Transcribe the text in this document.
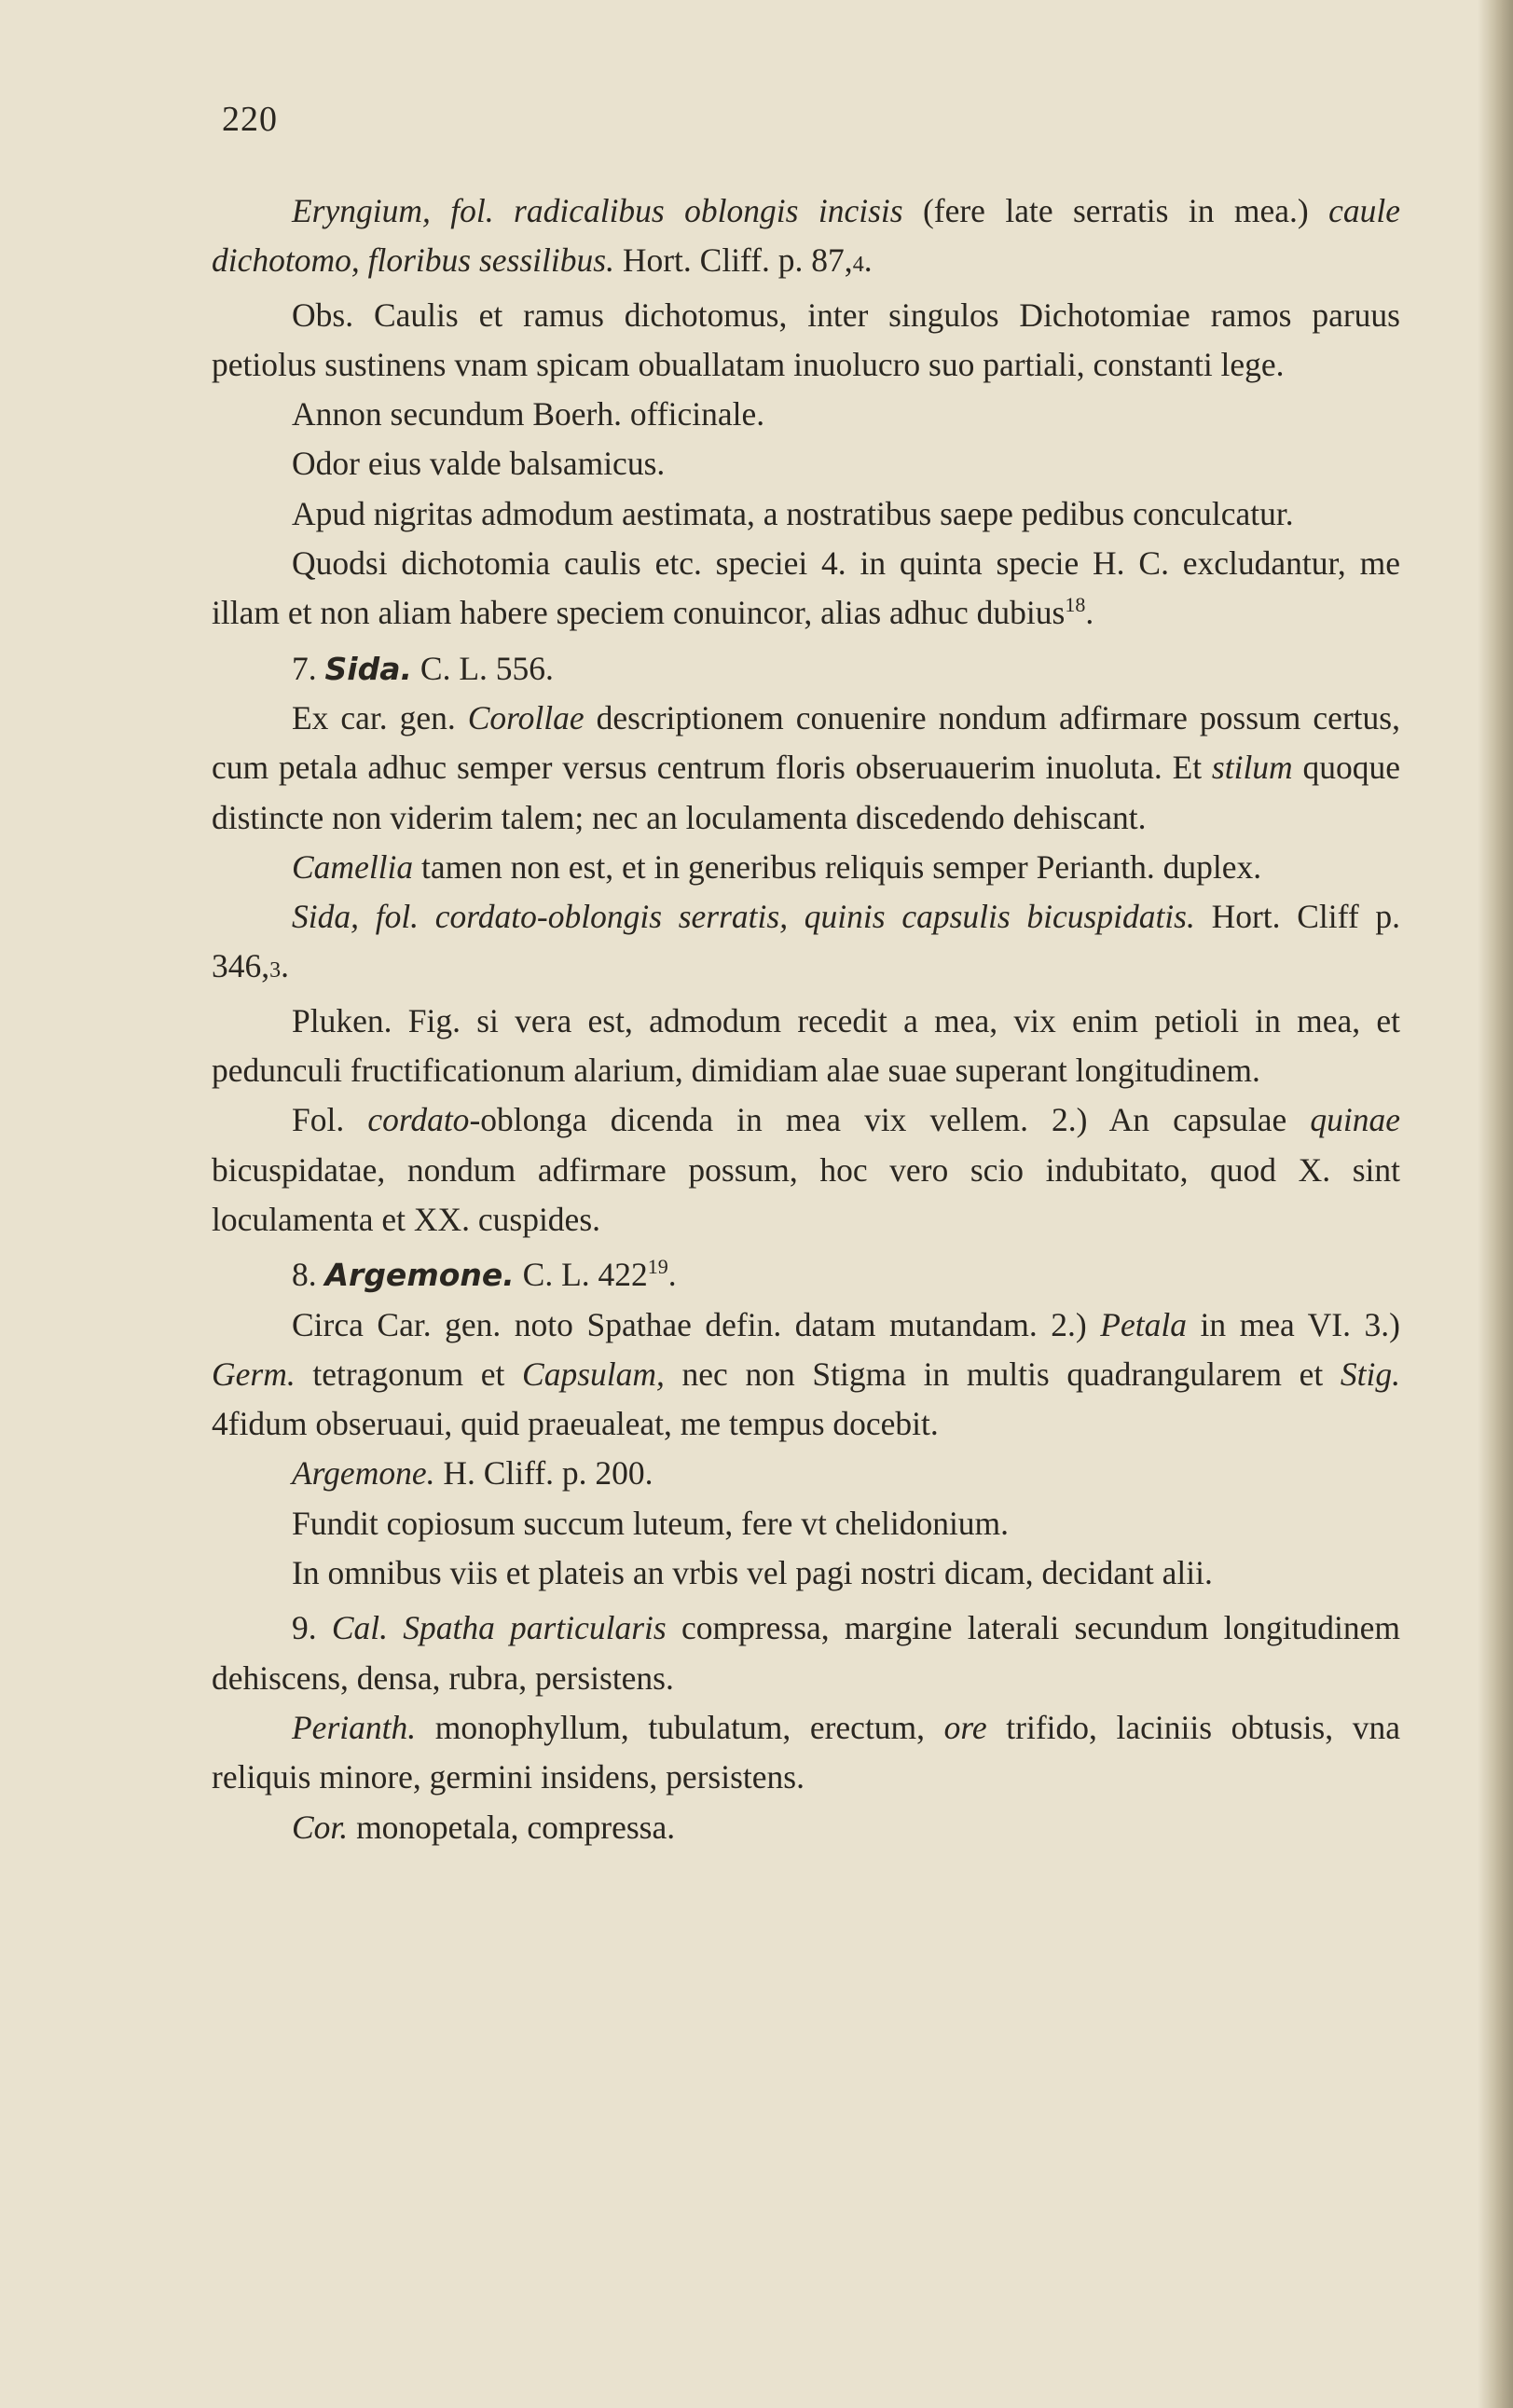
220

Eryngium, fol. radicalibus oblongis incisis (fere late serratis in mea.) caule dichotomo, floribus sessilibus. Hort. Cliff. p. 87,4.

Obs. Caulis et ramus dichotomus, inter singulos Dichotomiae ramos paruus petiolus sustinens vnam spicam obuallatam inuolucro suo partiali, constanti lege.

Annon secundum Boerh. officinale.

Odor eius valde balsamicus.

Apud nigritas admodum aestimata, a nostratibus saepe pedibus conculcatur.

Quodsi dichotomia caulis etc. speciei 4. in quinta specie H. C. excludantur, me illam et non aliam habere speciem conuincor, alias adhuc dubius$^{18}$.

7. Sida. C. L. 556.

Ex car. gen. Corollae descriptionem conuenire nondum adfirmare possum certus, cum petala adhuc semper versus centrum floris obseruauerim inuoluta. Et stilum quoque distincte non viderim talem; nec an loculamenta discedendo dehiscant.

Camellia tamen non est, et in generibus reliquis semper Perianth. duplex.

Sida, fol. cordato-oblongis serratis, quinis capsulis bicuspidatis. Hort. Cliff p. 346,3.

Pluken. Fig. si vera est, admodum recedit a mea, vix enim petioli in mea, et pedunculi fructificationum alarium, dimidiam alae suae superant longitudinem.

Fol. cordato-oblonga dicenda in mea vix vellem. 2.) An capsulae quinae bicuspidatae, nondum adfirmare possum, hoc vero scio indubitato, quod X. sint loculamenta et XX. cuspides.

8. Argemone. C. L. $422^{19}$.

Circa Car. gen. noto Spathae defin. datam mutandam. 2.) Petala in mea VI. 3.) Germ. tetragonum et Capsulam, nec non Stigma in multis quadrangularem et Stig. 4fidum obseruaui, quid praeualeat, me tempus docebit.

Argemone. H. Cliff. p. 200.

Fundit copiosum succum luteum, fere vt chelidonium.

In omnibus viis et plateis an vrbis vel pagi nostri dicam, decidant alii.

9. Cal. Spatha particularis compressa, margine laterali secundum longitudinem dehiscens, densa, rubra, persistens.

Perianth. monophyllum, tubulatum, erectum, ore trifido, laciniis obtusis, vna reliquis minore, germini insidens, persistens.

Cor. monopetala, compressa.
